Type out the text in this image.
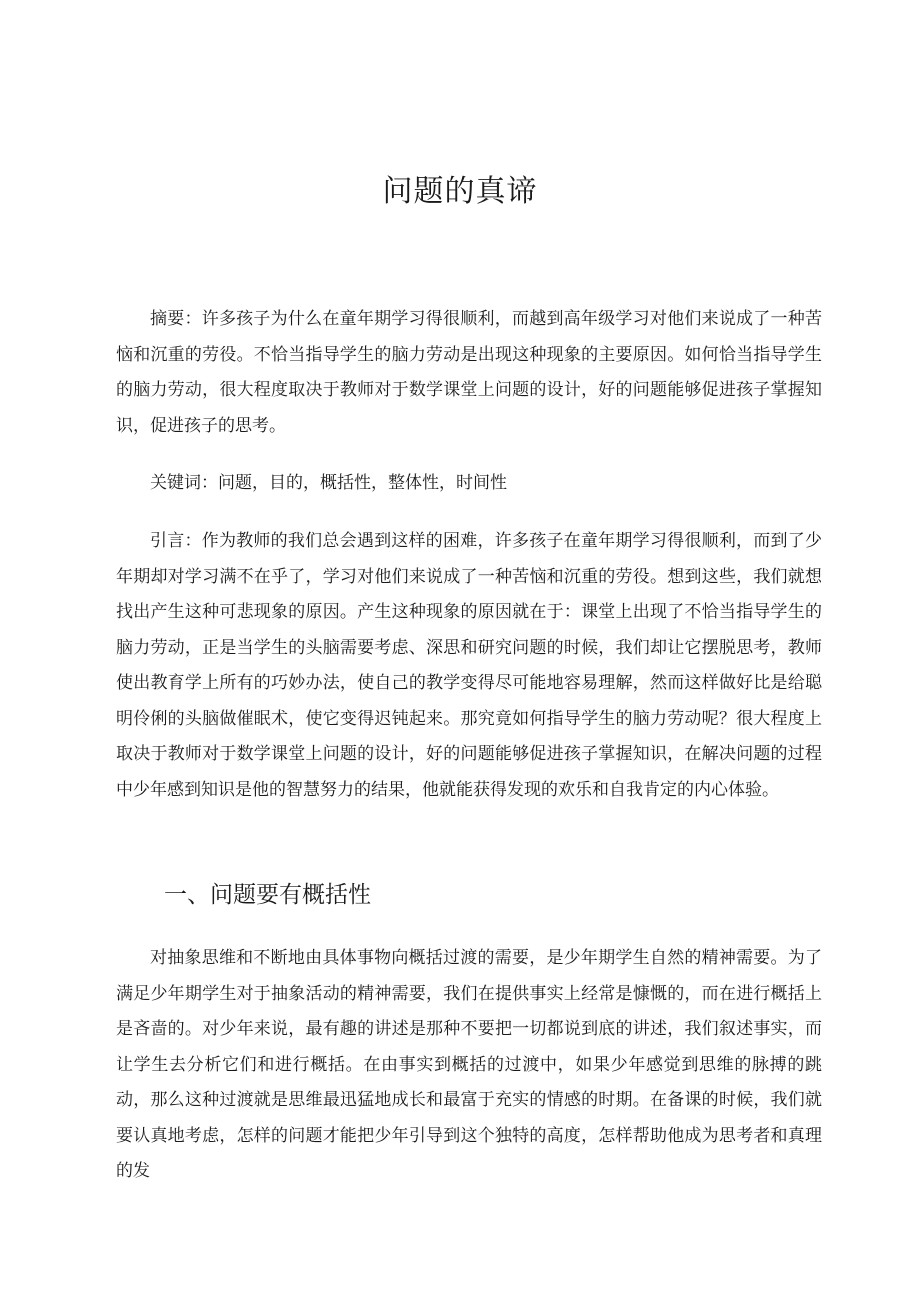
问题的真谛

摘要：许多孩子为什么在童年期学习得很顺利，而越到高年级学习对他们来说成了一种苦恼和沉重的劳役。不恰当指导学生的脑力劳动是出现这种现象的主要原因。如何恰当指导学生的脑力劳动，很大程度取决于教师对于数学课堂上问题的设计，好的问题能够促进孩子掌握知识，促进孩子的思考。

关键词：问题，目的，概括性，整体性，时间性

引言：作为教师的我们总会遇到这样的困难，许多孩子在童年期学习得很顺利，而到了少年期却对学习满不在乎了，学习对他们来说成了一种苦恼和沉重的劳役。想到这些，我们就想找出产生这种可悲现象的原因。产生这种现象的原因就在于：课堂上出现了不恰当指导学生的脑力劳动，正是当学生的头脑需要考虑、深思和研究问题的时候，我们却让它摆脱思考，教师使出教育学上所有的巧妙办法，使自己的教学变得尽可能地容易理解，然而这样做好比是给聪明伶俐的头脑做催眠术，使它变得迟钝起来。那究竟如何指导学生的脑力劳动呢？很大程度上取决于教师对于数学课堂上问题的设计，好的问题能够促进孩子掌握知识，在解决问题的过程中少年感到知识是他的智慧努力的结果，他就能获得发现的欢乐和自我肯定的内心体验。

一、问题要有概括性

对抽象思维和不断地由具体事物向概括过渡的需要，是少年期学生自然的精神需要。为了满足少年期学生对于抽象活动的精神需要，我们在提供事实上经常是慷慨的，而在进行概括上是吝啬的。对少年来说，最有趣的讲述是那种不要把一切都说到底的讲述，我们叙述事实，而让学生去分析它们和进行概括。在由事实到概括的过渡中，如果少年感觉到思维的脉搏的跳动，那么这种过渡就是思维最迅猛地成长和最富于充实的情感的时期。在备课的时候，我们就要认真地考虑，怎样的问题才能把少年引导到这个独特的高度，怎样帮助他成为思考者和真理的发
